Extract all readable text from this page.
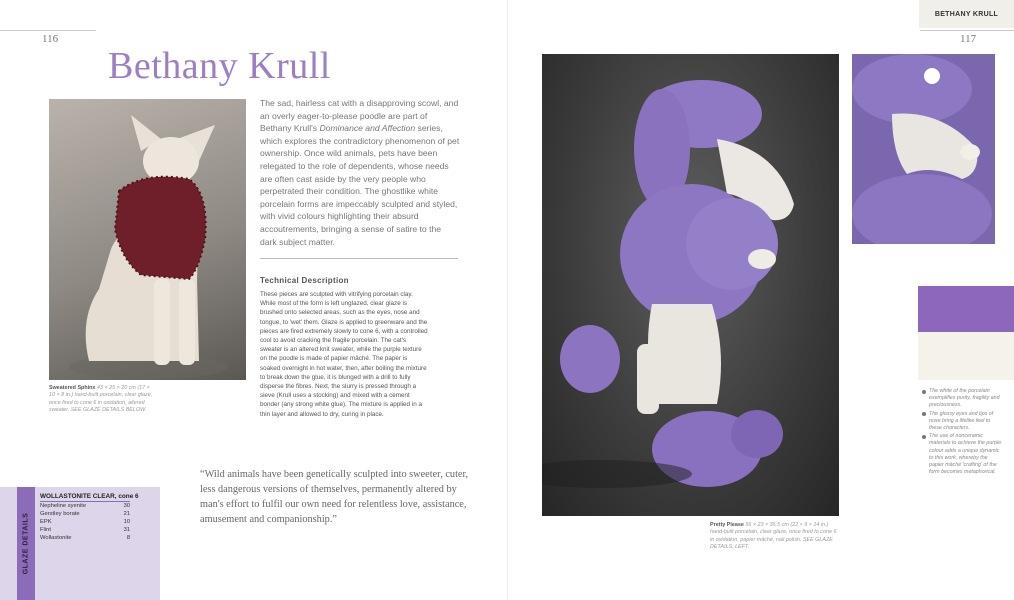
116
BETHANY KRULL
117
Bethany Krull
Sweatered Sphinx 43 × 25 × 20 cm (17 × 10 × 8 in.) hand-built porcelain, clear glaze, once fired to cone 6 in oxidation, altered sweater. SEE GLAZE DETAILS BELOW.
The sad, hairless cat with a disapproving scowl, and an overly eager-to-please poodle are part of Bethany Krull's Dominance and Affection series, which explores the contradictory phenomenon of pet ownership. Once wild animals, pets have been relegated to the role of dependents, whose needs are often cast aside by the very people who perpetrated their condition. The ghostlike white porcelain forms are impeccably sculpted and styled, with vivid colours highlighting their absurd accoutrements, bringing a sense of satire to the dark subject matter.
Technical Description
These pieces are sculpted with vitrifying porcelain clay. While most of the form is left unglazed, clear glaze is brushed onto selected areas, such as the eyes, nose and tongue, to 'wet' them. Glaze is applied to greenware and the pieces are fired extremely slowly to cone 6, with a controlled cool to avoid cracking the fragile porcelain. The cat's sweater is an altered knit sweater, while the purple texture on the poodle is made of papier mâché. The paper is soaked overnight in hot water, then, after boiling the mixture to break down the glue, it is blunged with a drill to fully disperse the fibres. Next, the slurry is pressed through a sieve (Krull uses a stocking) and mixed with a cement bonder (any strong white glue). The mixture is applied in a thin layer and allowed to dry, curing in place.
“Wild animals have been genetically sculpted into sweeter, cuter, less dangerous versions of themselves, permanently altered by man's effort to fulfil our own need for relentless love, assistance, amusement and companionship.”
GLAZE DETAILS
WOLLASTONITE CLEAR, cone 6
Nepheline syenite	30
Gerstley borate	21
EPK	10
Flint	31
Wollastonite	8
Pretty Please 56 × 23 × 35.5 cm (22 × 9 × 14 in.) hand-built porcelain, clear glaze, once fired to cone 6 in oxidation, papier mâché, nail polish. SEE GLAZE DETAILS, LEFT.
The white of the porcelain exemplifies purity, fragility and preciousness.
The glossy eyes and tips of nose bring a lifelike feel to these characters.
The use of nonceramic materials to achieve the purple colour adds a unique dynamic to this work, whereby the papier mâché 'crafting' of the form becomes metaphorical.
